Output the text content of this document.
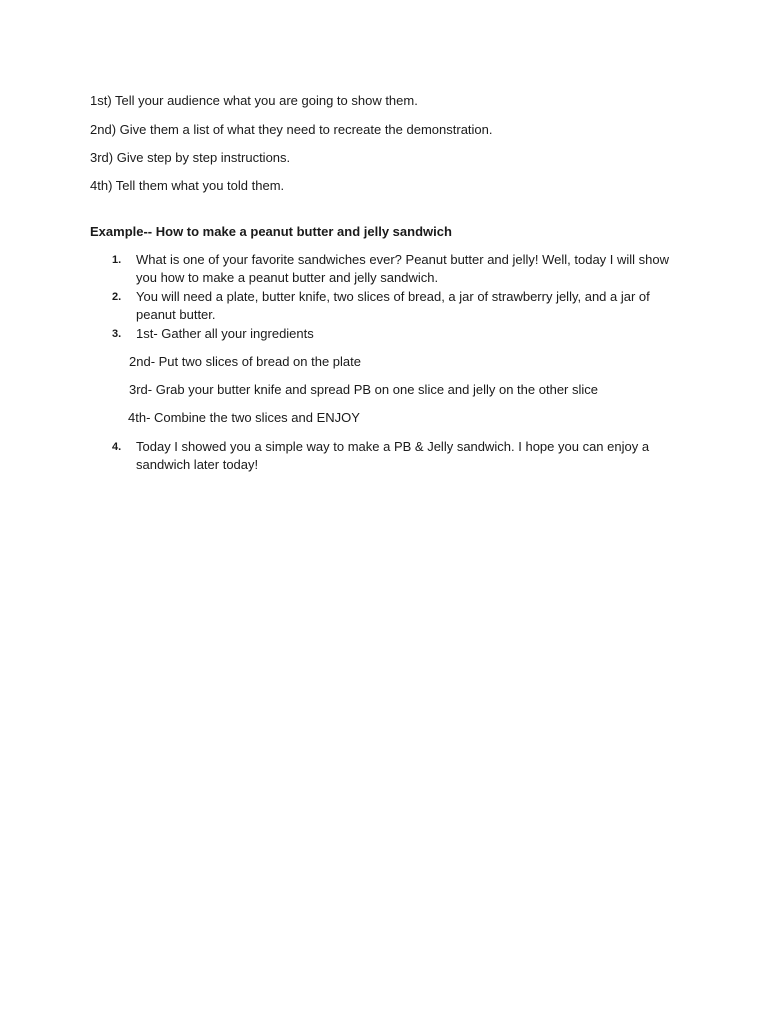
1st) Tell your audience what you are going to show them.
2nd) Give them a list of what they need to recreate the demonstration.
3rd) Give step by step instructions.
4th) Tell them what you told them.
Example-- How to make a peanut butter and jelly sandwich
1. What is one of your favorite sandwiches ever? Peanut butter and jelly! Well, today I will show you how to make a peanut butter and jelly sandwich.
2. You will need a plate, butter knife, two slices of bread, a jar of strawberry jelly, and a jar of peanut butter.
3. 1st- Gather all your ingredients
2nd- Put two slices of bread on the plate
3rd- Grab your butter knife and spread PB on one slice and jelly on the other slice
4th- Combine the two slices and ENJOY
4. Today I showed you a simple way to make a PB & Jelly sandwich. I hope you can enjoy a sandwich later today!
